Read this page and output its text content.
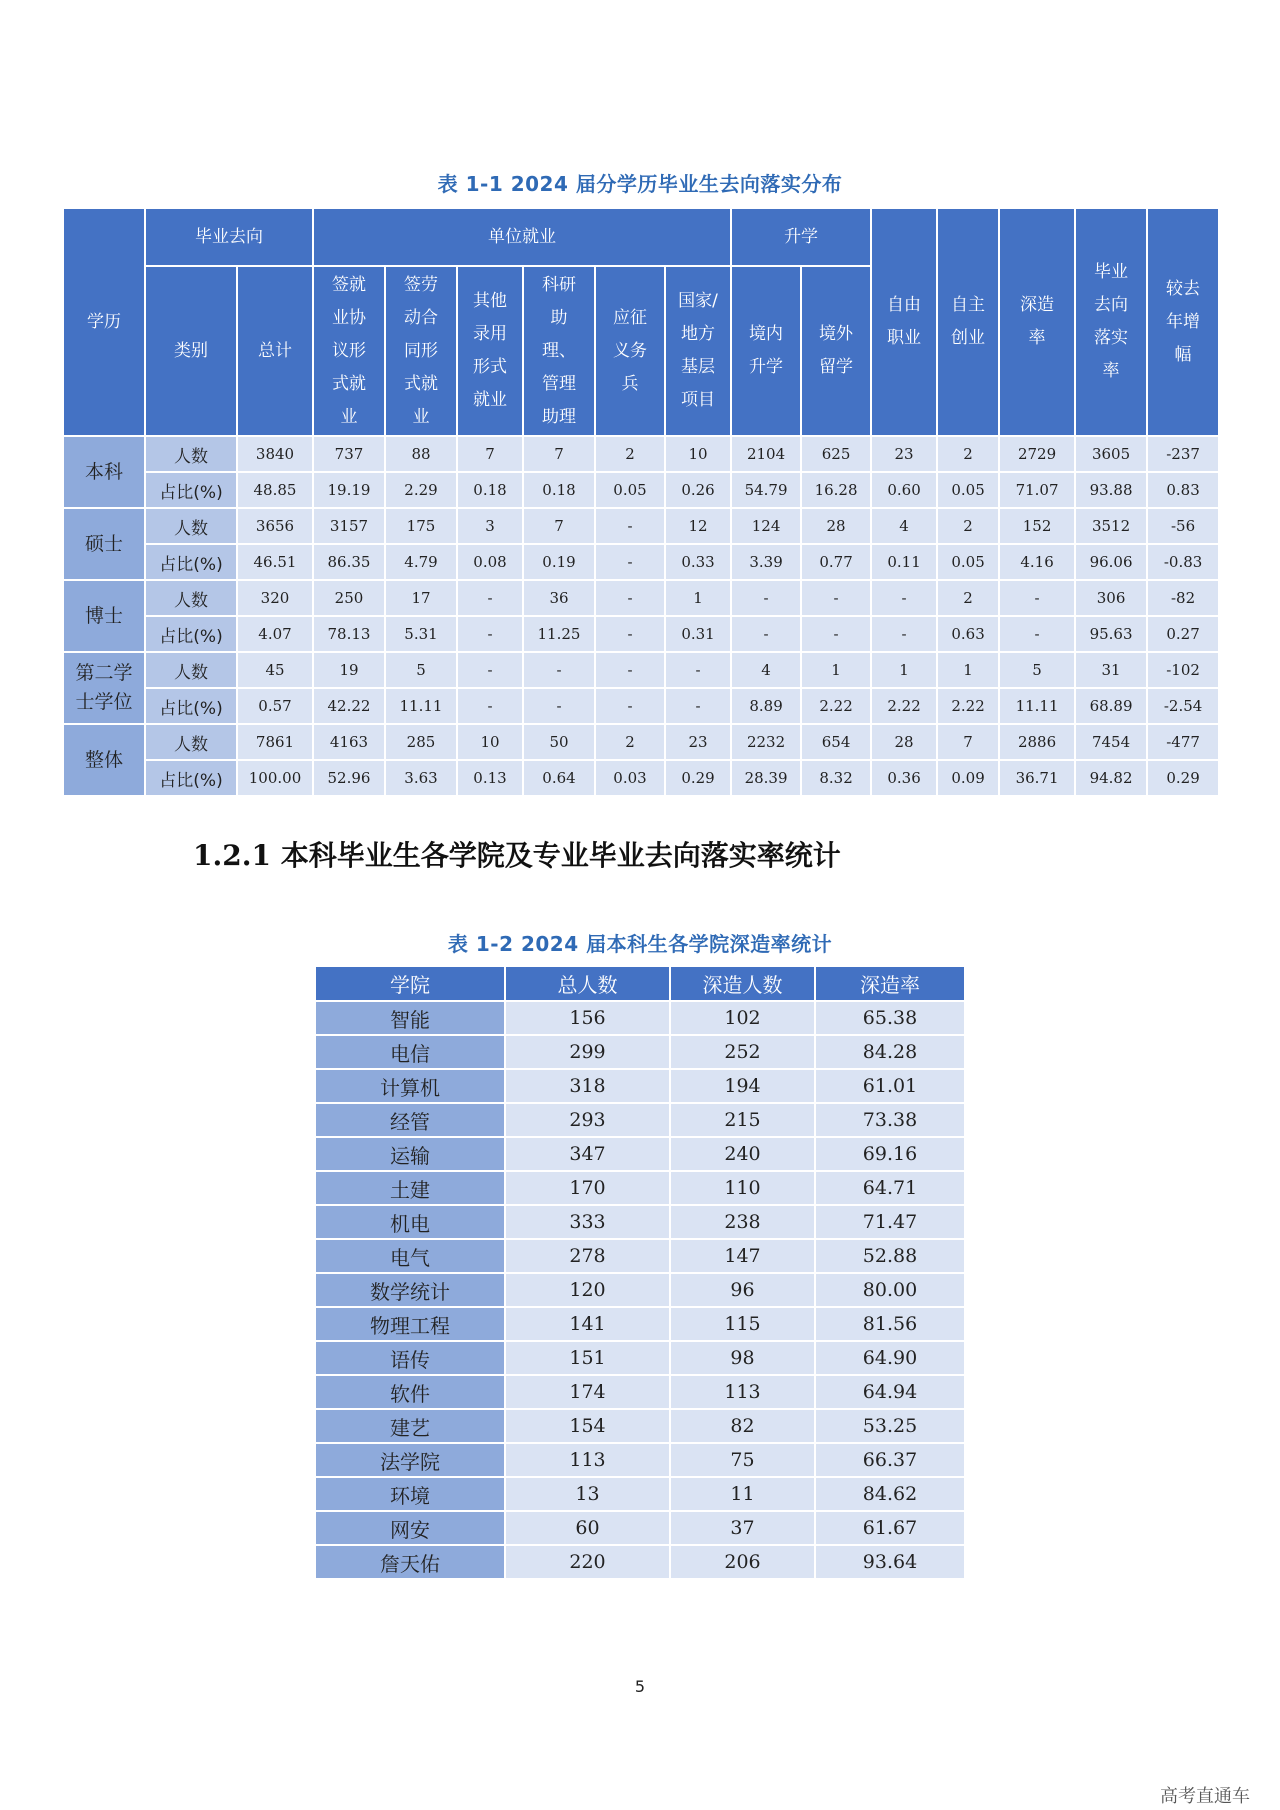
表 1-1 2024 届分学历毕业生去向落实分布
学历	毕业去向		单位就业						升学		自由职业	自主创业	深造率	毕业去向落实率	较去年增幅
	类别	总计	签就业协议形式就业	签劳动合同形式就业	其他录用形式就业	科研助理、管理助理	应征义务兵	国家/地方基层项目	境内升学	境外留学					
本科	人数	3840	737	88	7	7	2	10	2104	625	23	2	2729	3605	-237
	占比(%)	48.85	19.19	2.29	0.18	0.18	0.05	0.26	54.79	16.28	0.60	0.05	71.07	93.88	0.83
硕士	人数	3656	3157	175	3	7	-	12	124	28	4	2	152	3512	-56
	占比(%)	46.51	86.35	4.79	0.08	0.19	-	0.33	3.39	0.77	0.11	0.05	4.16	96.06	-0.83
博士	人数	320	250	17	-	36	-	1	-	-	-	2	-	306	-82
	占比(%)	4.07	78.13	5.31	-	11.25	-	0.31	-	-	-	0.63	-	95.63	0.27
第二学士学位	人数	45	19	5	-	-	-	-	4	1	1	1	5	31	-102
	占比(%)	0.57	42.22	11.11	-	-	-	-	8.89	2.22	2.22	2.22	11.11	68.89	-2.54
整体	人数	7861	4163	285	10	50	2	23	2232	654	28	7	2886	7454	-477
	占比(%)	100.00	52.96	3.63	0.13	0.64	0.03	0.29	28.39	8.32	0.36	0.09	36.71	94.82	0.29
1.2.1 本科毕业生各学院及专业毕业去向落实率统计
表 1-2 2024 届本科生各学院深造率统计
学院	总人数	深造人数	深造率
智能	156	102	65.38
电信	299	252	84.28
计算机	318	194	61.01
经管	293	215	73.38
运输	347	240	69.16
土建	170	110	64.71
机电	333	238	71.47
电气	278	147	52.88
数学统计	120	96	80.00
物理工程	141	115	81.56
语传	151	98	64.90
软件	174	113	64.94
建艺	154	82	53.25
法学院	113	75	66.37
环境	13	11	84.62
网安	60	37	61.67
詹天佑	220	206	93.64
5
高考直通车
